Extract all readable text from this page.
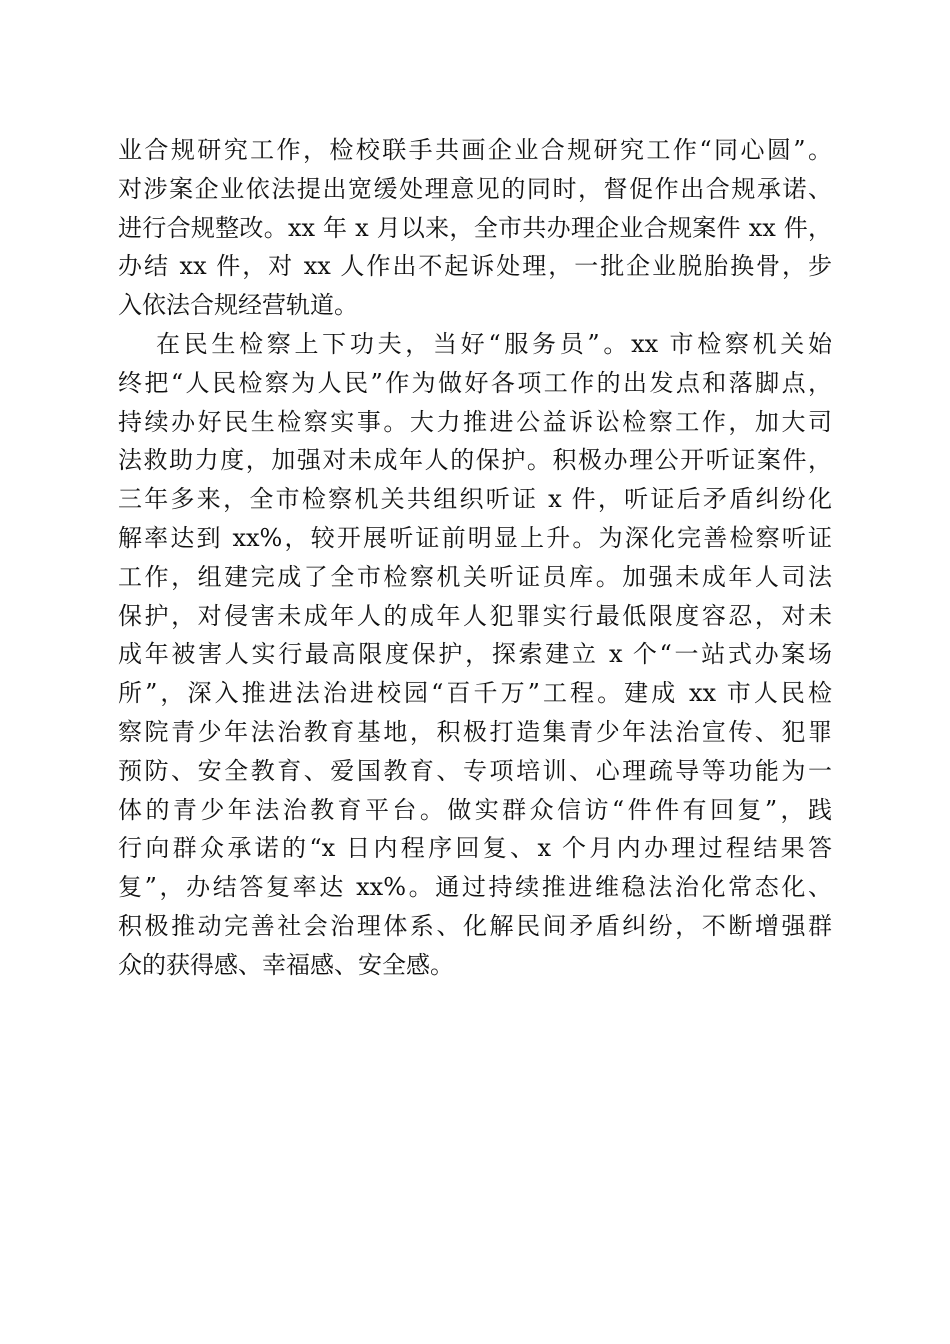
业合规研究工作，检校联手共画企业合规研究工作“同心圆”。
对涉案企业依法提出宽缓处理意见的同时，督促作出合规承诺、
进行合规整改。xx 年 x 月以来，全市共办理企业合规案件 xx 件，
办结 xx 件，对 xx 人作出不起诉处理，一批企业脱胎换骨，步
入依法合规经营轨道。
在民生检察上下功夫，当好“服务员”。xx 市检察机关始
终把“人民检察为人民”作为做好各项工作的出发点和落脚点，
持续办好民生检察实事。大力推进公益诉讼检察工作，加大司
法救助力度，加强对未成年人的保护。积极办理公开听证案件，
三年多来，全市检察机关共组织听证 x 件，听证后矛盾纠纷化
解率达到 xx%，较开展听证前明显上升。为深化完善检察听证
工作，组建完成了全市检察机关听证员库。加强未成年人司法
保护，对侵害未成年人的成年人犯罪实行最低限度容忍，对未
成年被害人实行最高限度保护，探索建立 x 个“一站式办案场
所”，深入推进法治进校园“百千万”工程。建成 xx 市人民检
察院青少年法治教育基地，积极打造集青少年法治宣传、犯罪
预防、安全教育、爱国教育、专项培训、心理疏导等功能为一
体的青少年法治教育平台。做实群众信访“件件有回复”，践
行向群众承诺的“x 日内程序回复、x 个月内办理过程结果答
复”，办结答复率达 xx%。通过持续推进维稳法治化常态化、
积极推动完善社会治理体系、化解民间矛盾纠纷，不断增强群
众的获得感、幸福感、安全感。
